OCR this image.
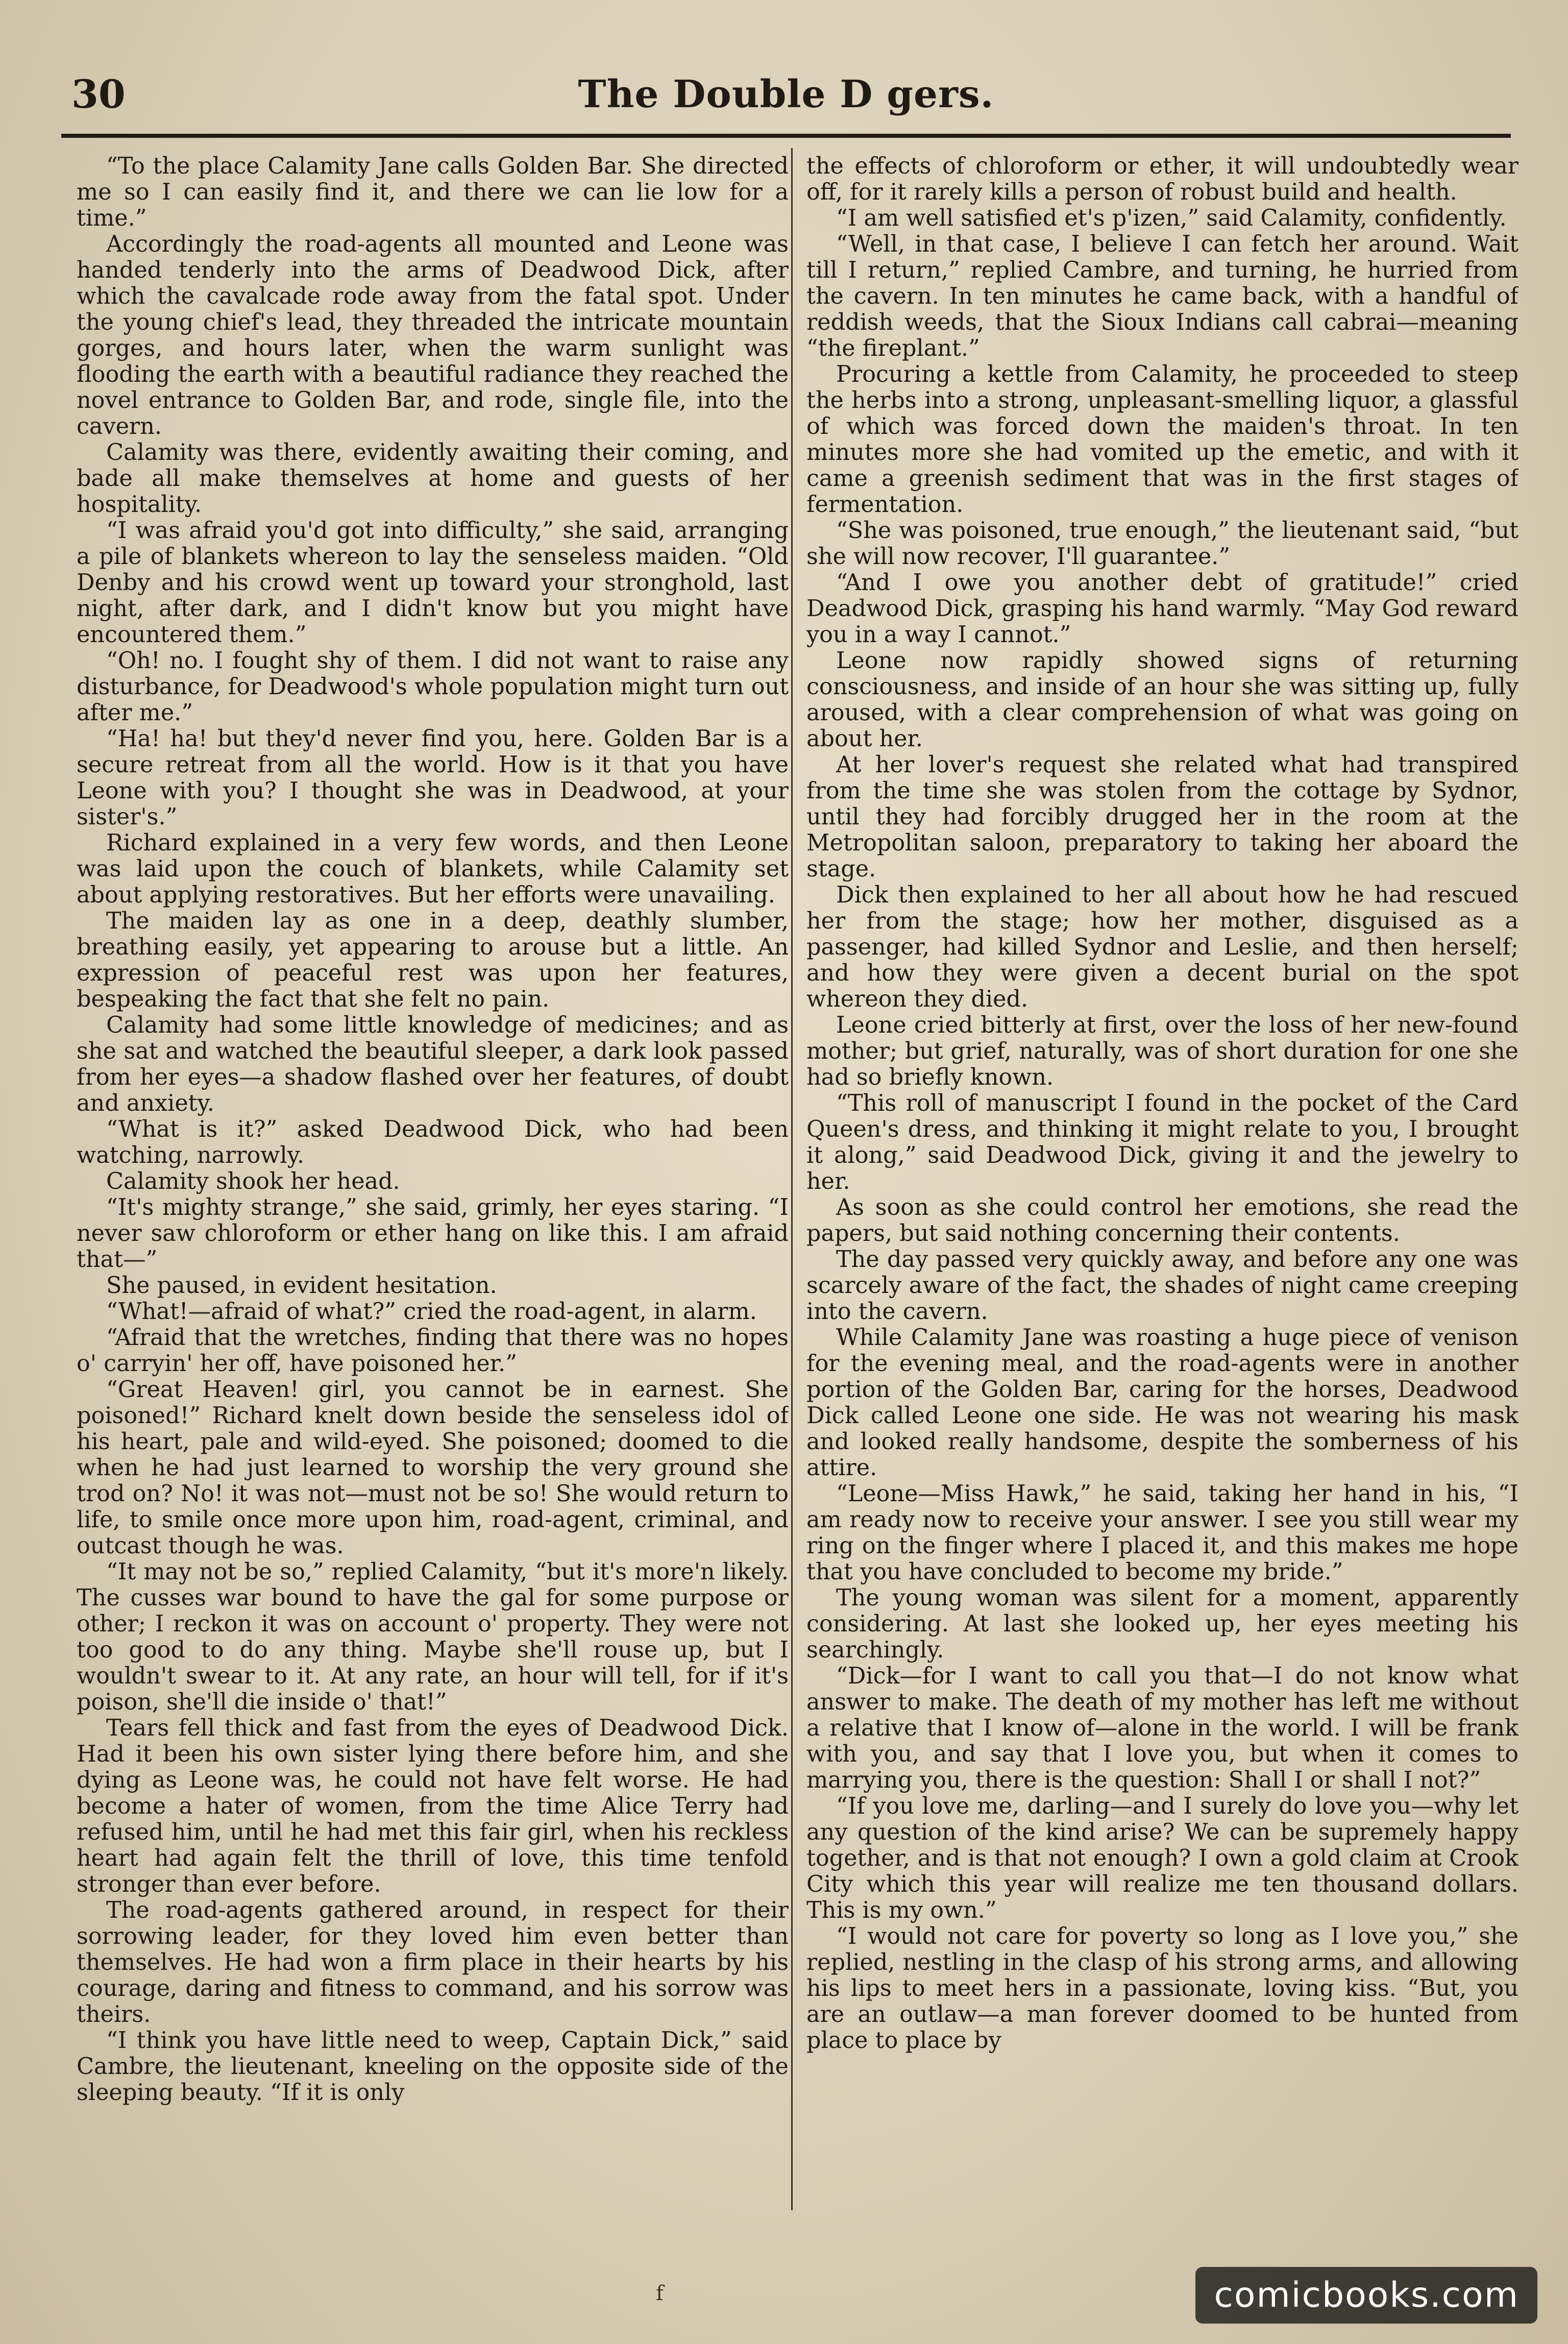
30	The Double D gers.

“To the place Calamity Jane calls Golden Bar. She directed me so I can easily find it, and there we can lie low for a time.”

Accordingly the road-agents all mounted and Leone was handed tenderly into the arms of Deadwood Dick, after which the cavalcade rode away from the fatal spot. Under the young chief's lead, they threaded the intricate mountain gorges, and hours later, when the warm sunlight was flooding the earth with a beautiful radiance they reached the novel entrance to Golden Bar, and rode, single file, into the cavern.

Calamity was there, evidently awaiting their coming, and bade all make themselves at home and guests of her hospitality.

“I was afraid you'd got into difficulty,” she said, arranging a pile of blankets whereon to lay the senseless maiden. “Old Denby and his crowd went up toward your stronghold, last night, after dark, and I didn't know but you might have encountered them.”

“Oh! no. I fought shy of them. I did not want to raise any disturbance, for Deadwood's whole population might turn out after me.”

“Ha! ha! but they'd never find you, here. Golden Bar is a secure retreat from all the world. How is it that you have Leone with you? I thought she was in Deadwood, at your sister's.”

Richard explained in a very few words, and then Leone was laid upon the couch of blankets, while Calamity set about applying restoratives. But her efforts were unavailing.

The maiden lay as one in a deep, deathly slumber, breathing easily, yet appearing to arouse but a little. An expression of peaceful rest was upon her features, bespeaking the fact that she felt no pain.

Calamity had some little knowledge of medicines; and as she sat and watched the beautiful sleeper, a dark look passed from her eyes—a shadow flashed over her features, of doubt and anxiety.

“What is it?” asked Deadwood Dick, who had been watching, narrowly.

Calamity shook her head.

“It's mighty strange,” she said, grimly, her eyes staring. “I never saw chloroform or ether hang on like this. I am afraid that—”

She paused, in evident hesitation.

“What!—afraid of what?” cried the road-agent, in alarm.

“Afraid that the wretches, finding that there was no hopes o' carryin' her off, have poisoned her.”

“Great Heaven! girl, you cannot be in earnest. She poisoned!” Richard knelt down beside the senseless idol of his heart, pale and wild-eyed. She poisoned; doomed to die when he had just learned to worship the very ground she trod on? No! it was not—must not be so! She would return to life, to smile once more upon him, road-agent, criminal, and outcast though he was.

“It may not be so,” replied Calamity, “but it's more'n likely. The cusses war bound to have the gal for some purpose or other; I reckon it was on account o' property. They were not too good to do any thing. Maybe she'll rouse up, but I wouldn't swear to it. At any rate, an hour will tell, for if it's poison, she'll die inside o' that!”

Tears fell thick and fast from the eyes of Deadwood Dick. Had it been his own sister lying there before him, and she dying as Leone was, he could not have felt worse. He had become a hater of women, from the time Alice Terry had refused him, until he had met this fair girl, when his reckless heart had again felt the thrill of love, this time tenfold stronger than ever before.

The road-agents gathered around, in respect for their sorrowing leader, for they loved him even better than themselves. He had won a firm place in their hearts by his courage, daring and fitness to command, and his sorrow was theirs.

“I think you have little need to weep, Captain Dick,” said Cambre, the lieutenant, kneeling on the opposite side of the sleeping beauty. “If it is only

the effects of chloroform or ether, it will undoubtedly wear off, for it rarely kills a person of robust build and health.

“I am well satisfied et's p'izen,” said Calamity, confidently.

“Well, in that case, I believe I can fetch her around. Wait till I return,” replied Cambre, and turning, he hurried from the cavern. In ten minutes he came back, with a handful of reddish weeds, that the Sioux Indians call cabrai—meaning “the fireplant.”

Procuring a kettle from Calamity, he proceeded to steep the herbs into a strong, unpleasant-smelling liquor, a glassful of which was forced down the maiden's throat. In ten minutes more she had vomited up the emetic, and with it came a greenish sediment that was in the first stages of fermentation.

“She was poisoned, true enough,” the lieutenant said, “but she will now recover, I'll guarantee.”

“And I owe you another debt of gratitude!” cried Deadwood Dick, grasping his hand warmly. “May God reward you in a way I cannot.”

Leone now rapidly showed signs of returning consciousness, and inside of an hour she was sitting up, fully aroused, with a clear comprehension of what was going on about her.

At her lover's request she related what had transpired from the time she was stolen from the cottage by Sydnor, until they had forcibly drugged her in the room at the Metropolitan saloon, preparatory to taking her aboard the stage.

Dick then explained to her all about how he had rescued her from the stage; how her mother, disguised as a passenger, had killed Sydnor and Leslie, and then herself; and how they were given a decent burial on the spot whereon they died.

Leone cried bitterly at first, over the loss of her new-found mother; but grief, naturally, was of short duration for one she had so briefly known.

“This roll of manuscript I found in the pocket of the Card Queen's dress, and thinking it might relate to you, I brought it along,” said Deadwood Dick, giving it and the jewelry to her.

As soon as she could control her emotions, she read the papers, but said nothing concerning their contents.

The day passed very quickly away, and before any one was scarcely aware of the fact, the shades of night came creeping into the cavern.

While Calamity Jane was roasting a huge piece of venison for the evening meal, and the road-agents were in another portion of the Golden Bar, caring for the horses, Deadwood Dick called Leone one side. He was not wearing his mask and looked really handsome, despite the somberness of his attire.

“Leone—Miss Hawk,” he said, taking her hand in his, “I am ready now to receive your answer. I see you still wear my ring on the finger where I placed it, and this makes me hope that you have concluded to become my bride.”

The young woman was silent for a moment, apparently considering. At last she looked up, her eyes meeting his searchingly.

“Dick—for I want to call you that—I do not know what answer to make. The death of my mother has left me without a relative that I know of—alone in the world. I will be frank with you, and say that I love you, but when it comes to marrying you, there is the question: Shall I or shall I not?”

“If you love me, darling—and I surely do love you—why let any question of the kind arise? We can be supremely happy together, and is that not enough? I own a gold claim at Crook City which this year will realize me ten thousand dollars. This is my own.”

“I would not care for poverty so long as I love you,” she replied, nestling in the clasp of his strong arms, and allowing his lips to meet hers in a passionate, loving kiss. “But, you are an outlaw—a man forever doomed to be hunted from place to place by

f	comicbooks.com
